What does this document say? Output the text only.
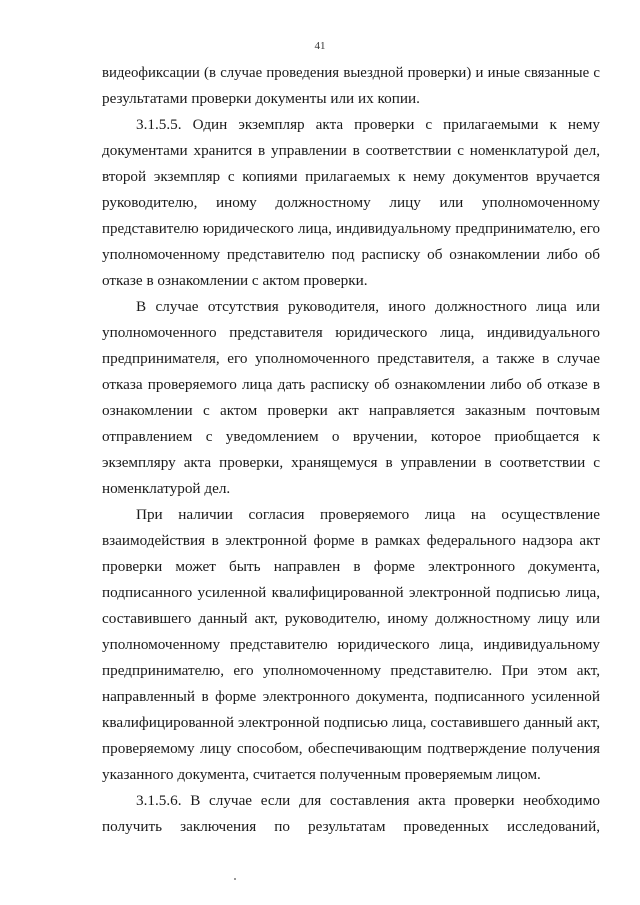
41
видеофиксации (в случае проведения выездной проверки) и иные связанные с
результатами проверки документы или их копии.
3.1.5.5. Один экземпляр акта проверки с прилагаемыми к нему
документами хранится в управлении в соответствии с номенклатурой дел,
второй экземпляр с копиями прилагаемых к нему документов вручается
руководителю, иному должностному лицу или уполномоченному
представителю юридического лица, индивидуальному предпринимателю, его
уполномоченному представителю под расписку об ознакомлении либо об
отказе в ознакомлении с актом проверки.
В случае отсутствия руководителя, иного должностного лица или
уполномоченного представителя юридического лица, индивидуального
предпринимателя, его уполномоченного представителя, а также в случае
отказа проверяемого лица дать расписку об ознакомлении либо об отказе в
ознакомлении с актом проверки акт направляется заказным почтовым
отправлением с уведомлением о вручении, которое приобщается к
экземпляру акта проверки, хранящемуся в управлении в соответствии с
номенклатурой дел.
При наличии согласия проверяемого лица на осуществление
взаимодействия в электронной форме в рамках федерального надзора акт
проверки может быть направлен в форме электронного документа,
подписанного усиленной квалифицированной электронной подписью лица,
составившего данный акт, руководителю, иному должностному лицу или
уполномоченному представителю юридического лица, индивидуальному
предпринимателю, его уполномоченному представителю. При этом акт,
направленный в форме электронного документа, подписанного усиленной
квалифицированной электронной подписью лица, составившего данный акт,
проверяемому лицу способом, обеспечивающим подтверждение получения
указанного документа, считается полученным проверяемым лицом.
3.1.5.6. В случае если для составления акта проверки необходимо
получить заключения по результатам проведенных исследований,
